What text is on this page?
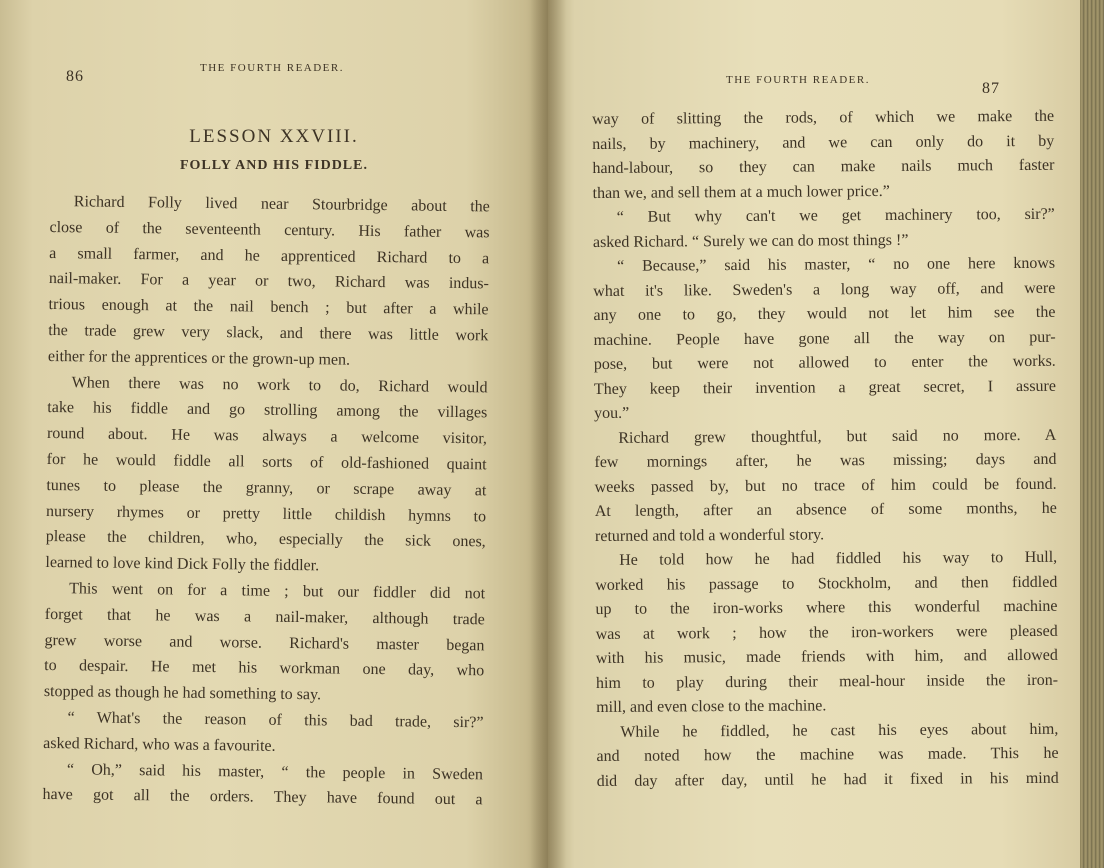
86	THE FOURTH READER.
LESSON XXVIII.
FOLLY AND HIS FIDDLE.
Richard Folly lived near Stourbridge about the
close of the seventeenth century. His father was
a small farmer, and he apprenticed Richard to a
nail-maker. For a year or two, Richard was indus-
trious enough at the nail bench ; but after a while
the trade grew very slack, and there was little work
either for the apprentices or the grown-up men.
When there was no work to do, Richard would
take his fiddle and go strolling among the villages
round about. He was always a welcome visitor,
for he would fiddle all sorts of old-fashioned quaint
tunes to please the granny, or scrape away at
nursery rhymes or pretty little childish hymns to
please the children, who, especially the sick ones,
learned to love kind Dick Folly the fiddler.
This went on for a time ; but our fiddler did not
forget that he was a nail-maker, although trade
grew worse and worse. Richard's master began
to despair. He met his workman one day, who
stopped as though he had something to say.
“ What's the reason of this bad trade, sir?”
asked Richard, who was a favourite.
“ Oh,” said his master, “ the people in Sweden
have got all the orders. They have found out a
THE FOURTH READER.	87
way of slitting the rods, of which we make the
nails, by machinery, and we can only do it by
hand-labour, so they can make nails much faster
than we, and sell them at a much lower price.”
“ But why can't we get machinery too, sir?”
asked Richard. “ Surely we can do most things !”
“ Because,” said his master, “ no one here knows
what it's like. Sweden's a long way off, and were
any one to go, they would not let him see the
machine. People have gone all the way on pur-
pose, but were not allowed to enter the works.
They keep their invention a great secret, I assure
you.”
Richard grew thoughtful, but said no more. A
few mornings after, he was missing; days and
weeks passed by, but no trace of him could be found.
At length, after an absence of some months, he
returned and told a wonderful story.
He told how he had fiddled his way to Hull,
worked his passage to Stockholm, and then fiddled
up to the iron-works where this wonderful machine
was at work ; how the iron-workers were pleased
with his music, made friends with him, and allowed
him to play during their meal-hour inside the iron-
mill, and even close to the machine.
While he fiddled, he cast his eyes about him,
and noted how the machine was made. This he
did day after day, until he had it fixed in his mind
